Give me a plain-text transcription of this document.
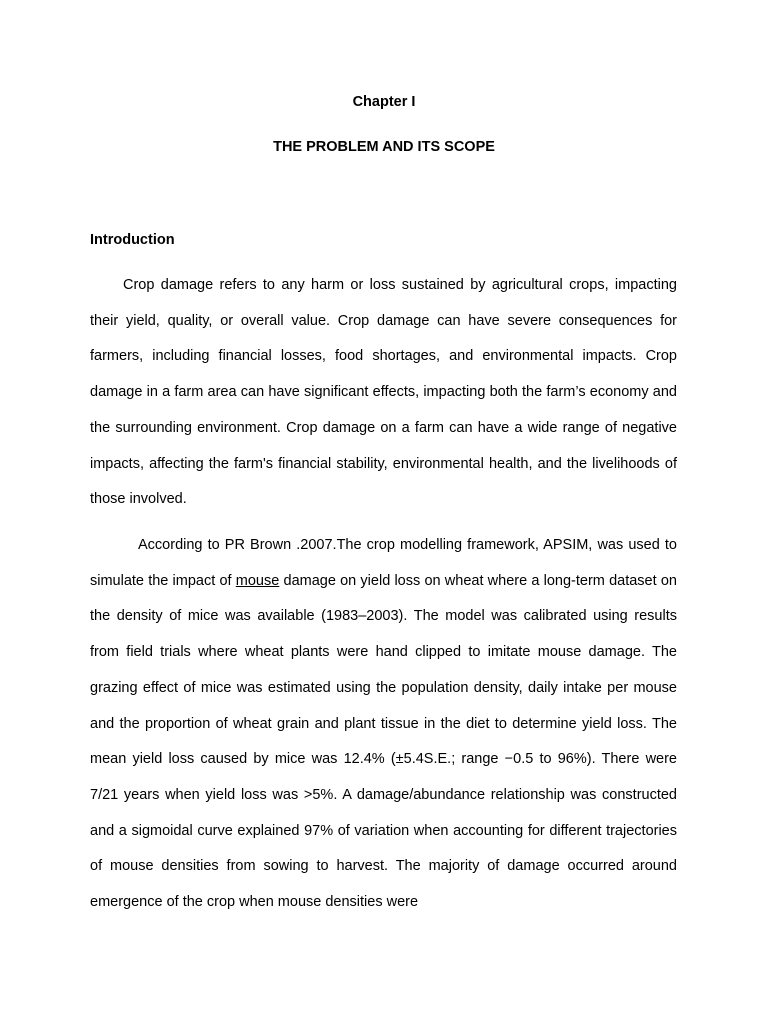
Chapter I
THE PROBLEM AND ITS SCOPE
Introduction

Crop damage refers to any harm or loss sustained by agricultural crops, impacting their yield, quality, or overall value. Crop damage can have severe consequences for farmers, including financial losses, food shortages, and environmental impacts. Crop damage in a farm area can have significant effects, impacting both the farm’s economy and the surrounding environment. Crop damage on a farm can have a wide range of negative impacts, affecting the farm's financial stability, environmental health, and the livelihoods of those involved.

According to PR Brown .2007.The crop modelling framework, APSIM, was used to simulate the impact of mouse damage on yield loss on wheat where a long-term dataset on the density of mice was available (1983–2003). The model was calibrated using results from field trials where wheat plants were hand clipped to imitate mouse damage. The grazing effect of mice was estimated using the population density, daily intake per mouse and the proportion of wheat grain and plant tissue in the diet to determine yield loss. The mean yield loss caused by mice was 12.4% (±5.4S.E.; range −0.5 to 96%). There were 7/21 years when yield loss was >5%. A damage/abundance relationship was constructed and a sigmoidal curve explained 97% of variation when accounting for different trajectories of mouse densities from sowing to harvest. The majority of damage occurred around emergence of the crop when mouse densities were
